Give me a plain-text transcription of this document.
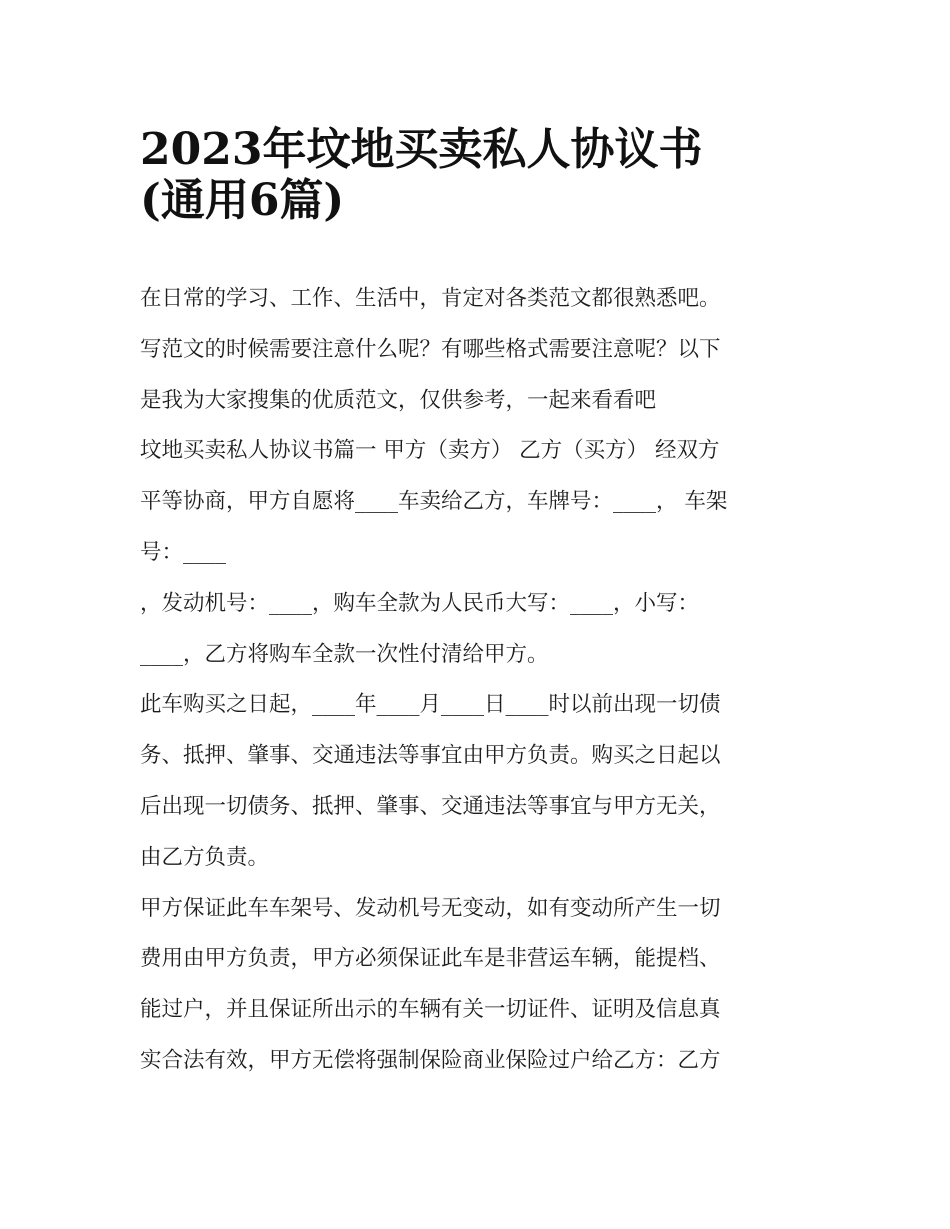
2023年坟地买卖私人协议书
(通用6篇)
在日常的学习、工作、生活中，肯定对各类范文都很熟悉吧。
写范文的时候需要注意什么呢？有哪些格式需要注意呢？以下
是我为大家搜集的优质范文，仅供参考，一起来看看吧
坟地买卖私人协议书篇一 甲方（卖方） 乙方（买方） 经双方
平等协商，甲方自愿将____车卖给乙方，车牌号：____， 车架
号：____
，发动机号：____，购车全款为人民币大写：____，小写：
____，乙方将购车全款一次性付清给甲方。
此车购买之日起，____年____月____日____时以前出现一切债
务、抵押、肇事、交通违法等事宜由甲方负责。购买之日起以
后出现一切债务、抵押、肇事、交通违法等事宜与甲方无关，
由乙方负责。
甲方保证此车车架号、发动机号无变动，如有变动所产生一切
费用由甲方负责，甲方必须保证此车是非营运车辆，能提档、
能过户，并且保证所出示的车辆有关一切证件、证明及信息真
实合法有效，甲方无偿将强制保险商业保险过户给乙方：乙方
